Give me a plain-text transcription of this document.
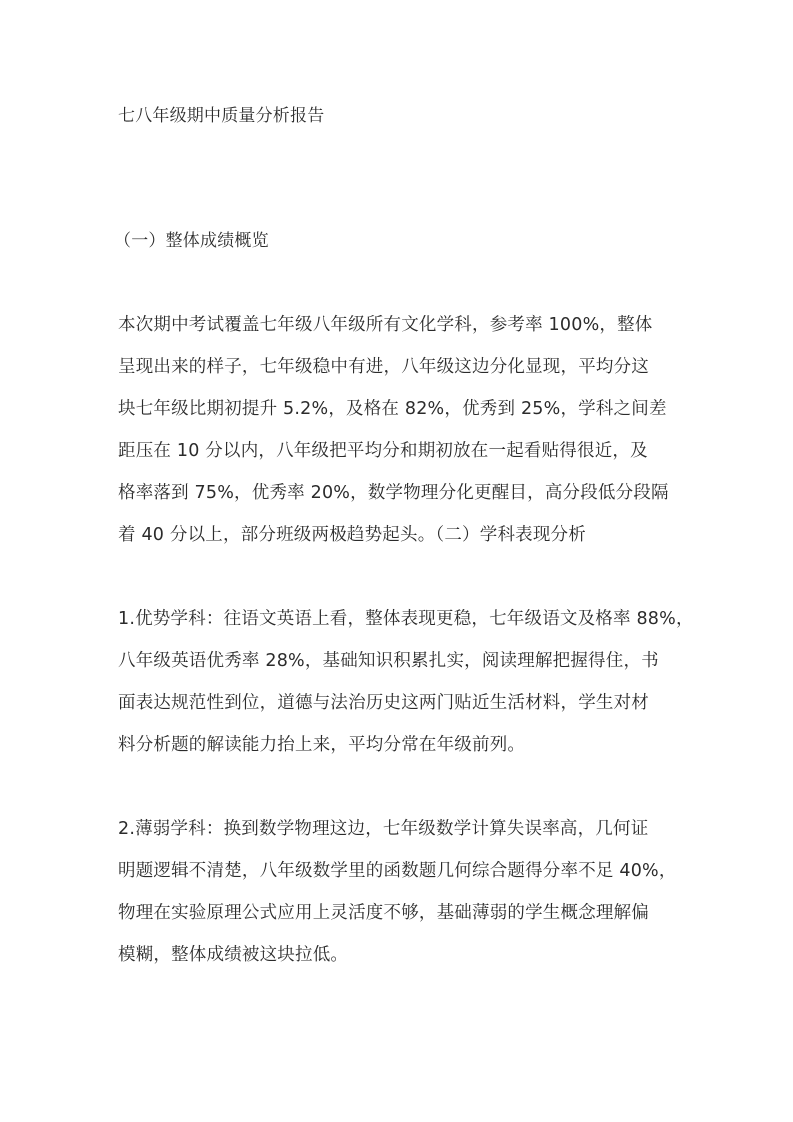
七八年级期中质量分析报告
（一）整体成绩概览
本次期中考试覆盖七年级八年级所有文化学科，参考率 100%，整体
呈现出来的样子，七年级稳中有进，八年级这边分化显现，平均分这
块七年级比期初提升 5.2%，及格在 82%，优秀到 25%，学科之间差
距压在 10 分以内，八年级把平均分和期初放在一起看贴得很近，及
格率落到 75%，优秀率 20%，数学物理分化更醒目，高分段低分段隔
着 40 分以上，部分班级两极趋势起头。（二）学科表现分析
1.优势学科：往语文英语上看，整体表现更稳，七年级语文及格率 88%，
八年级英语优秀率 28%，基础知识积累扎实，阅读理解把握得住，书
面表达规范性到位，道德与法治历史这两门贴近生活材料，学生对材
料分析题的解读能力抬上来，平均分常在年级前列。
2.薄弱学科：换到数学物理这边，七年级数学计算失误率高，几何证
明题逻辑不清楚，八年级数学里的函数题几何综合题得分率不足 40%，
物理在实验原理公式应用上灵活度不够，基础薄弱的学生概念理解偏
模糊，整体成绩被这块拉低。
